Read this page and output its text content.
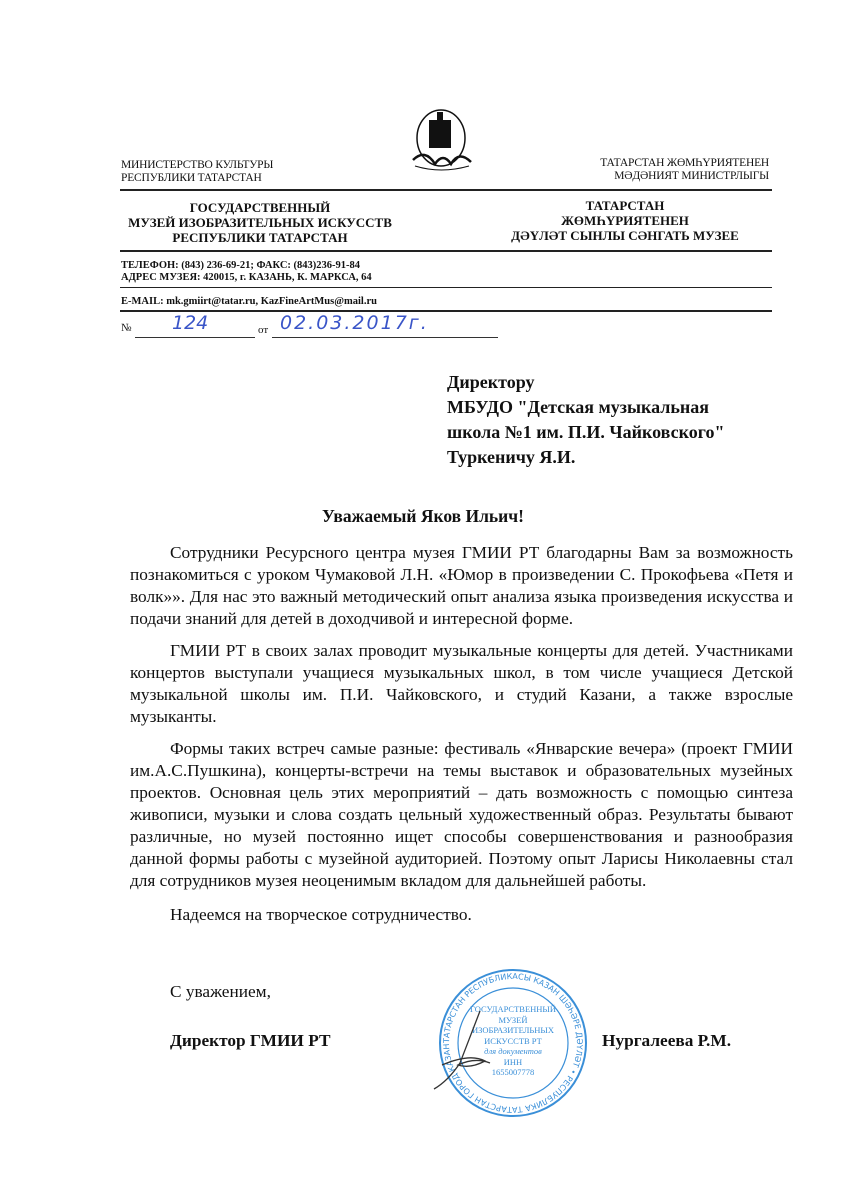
МИНИСТЕРСТВО КУЛЬТУРЫ
РЕСПУБЛИКИ ТАТАРСТАН
ТАТАРСТАН ЖӨМҺҮРИЯТЕНЕН
МӘДӘНИЯТ МИНИСТРЛЫГЫ
ГОСУДАРСТВЕННЫЙ
МУЗЕЙ ИЗОБРАЗИТЕЛЬНЫХ ИСКУССТВ
РЕСПУБЛИКИ ТАТАРСТАН
ТАТАРСТАН
ЖӨМҺҮРИЯТЕНЕН
ДӘҮЛӘТ СЫНЛЫ СӘНГАТЬ МУЗЕЕ
ТЕЛЕФОН: (843) 236-69-21; ФАКС: (843)236-91-84
АДРЕС МУЗЕЯ: 420015, г. КАЗАНЬ, К. МАРКСА, 64
E-MAIL: mk.gmiirt@tatar.ru, KazFineArtMus@mail.ru
№ 124	от 02.03.2017г.
Директору
МБУДО "Детская музыкальная
школа №1 им. П.И. Чайковского"
Туркеничу Я.И.
Уважаемый Яков Ильич!

Сотрудники Ресурсного центра музея ГМИИ РТ благодарны Вам за возможность познакомиться с уроком Чумаковой Л.Н. «Юмор в произведении С. Прокофьева «Петя и волк»». Для нас это важный методический опыт анализа языка произведения искусства и подачи знаний для детей в доходчивой и интересной форме.

ГМИИ РТ в своих залах проводит музыкальные концерты для детей. Участниками концертов выступали учащиеся музыкальных школ, в том числе учащиеся Детской музыкальной школы им. П.И. Чайковского, и студий Казани, а также взрослые музыканты.

Формы таких встреч самые разные: фестиваль «Январские вечера» (проект ГМИИ им.А.С.Пушкина), концерты-встречи на темы выставок и образовательных музейных проектов. Основная цель этих мероприятий – дать возможность с помощью синтеза живописи, музыки и слова создать цельный художественный образ. Результаты бывают различные, но музей постоянно ищет способы совершенствования и разнообразия данной формы работы с музейной аудиторией. Поэтому опыт Ларисы Николаевны стал для сотрудников музея неоценимым вкладом для дальнейшей работы.

Надеемся на творческое сотрудничество.

С уважением,
Директор ГМИИ РТ	ТАТАРСТАН РЕСПУБЛИКАСЫ КАЗАН ШӘҺӘРЕ ДӘҮЛӘТ • РЕСПУБЛИКА ТАТАРСТАН ГОРОД КАЗАН
ГОСУДАРСТВЕННЫЙ
МУЗЕЙ
ИЗОБРАЗИТЕЛЬНЫХ
ИСКУССТВ РТ
для документов
ИНН
1655007778
Нургалеева Р.М.
